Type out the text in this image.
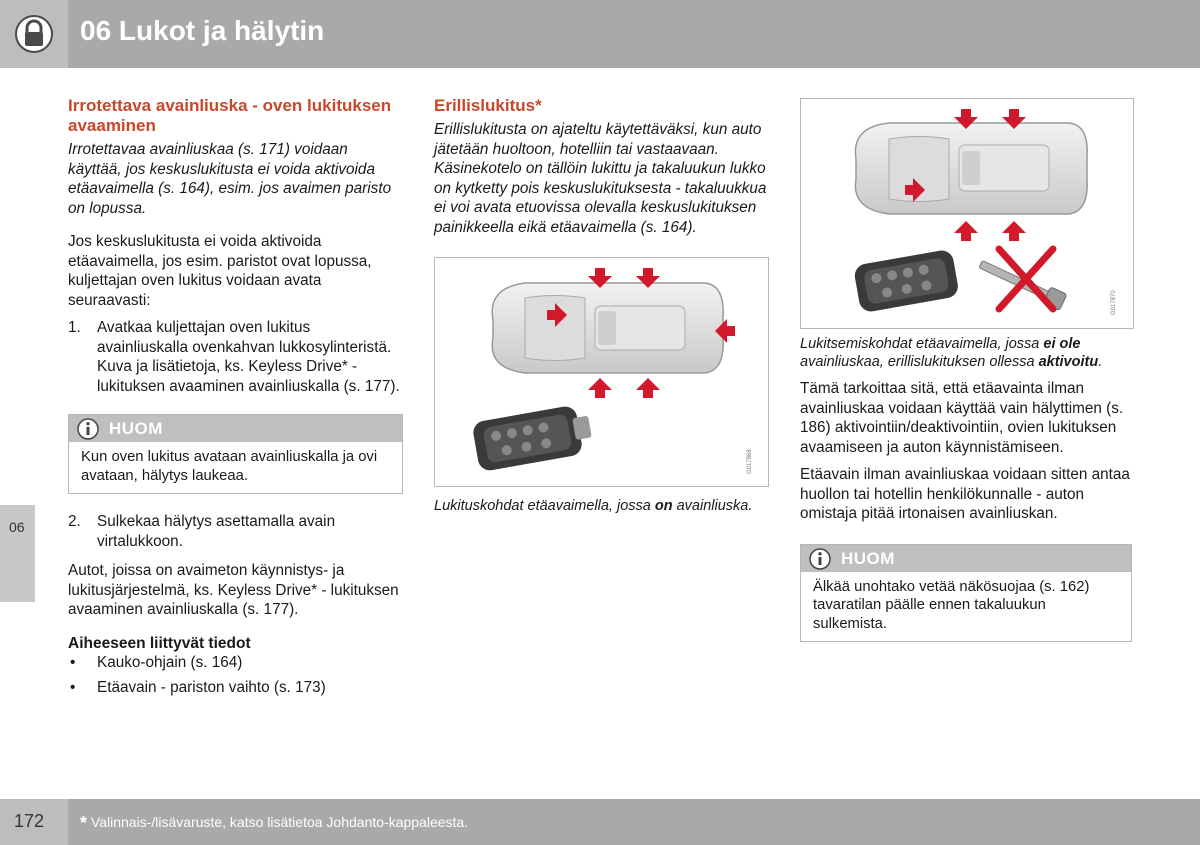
06 Lukot ja hälytin
06
Irrotettava avainliuska - oven lukituksen avaaminen

Irrotettavaa avainliuskaa (s. 171) voidaan käyttää, jos keskuslukitusta ei voida aktivoida etäavaimella (s. 164), esim. jos avaimen paristo on lopussa.

Jos keskuslukitusta ei voida aktivoida etäavaimella, jos esim. paristot ovat lopussa, kuljettajan oven lukitus voidaan avata seuraavasti:

1. Avatkaa kuljettajan oven lukitus avainliuskalla ovenkahvan lukkosylinteristä. Kuva ja lisätietoja, ks. Keyless Drive* - lukituksen avaaminen avainliuskalla (s. 177).
HUOM
Kun oven lukitus avataan avainliuskalla ja ovi avataan, hälytys laukeaa.
2. Sulkekaa hälytys asettamalla avain virtalukkoon.

Autot, joissa on avaimeton käynnistys- ja lukitusjärjestelmä, ks. Keyless Drive* - lukituksen avaaminen avainliuskalla (s. 177).

Aiheeseen liittyvät tiedot
• Kauko-ohjain (s. 164)
• Etäavain - pariston vaihto (s. 173)
Erillislukitus*

Erillislukitusta on ajateltu käytettäväksi, kun auto jätetään huoltoon, hotelliin tai vastaavaan. Käsinekotelo on tällöin lukittu ja takaluukun lukko on kytketty pois keskuslukituksesta - takaluukkua ei voi avata etuovissa olevalla keskuslukituksen painikkeella eikä etäavaimella (s. 164).

G017868

Lukituskohdat etäavaimella, jossa on avainliuska.

G017870

Lukitsemiskohdat etäavaimella, jossa ei ole avainliuskaa, erillislukituksen ollessa aktivoitu.

Tämä tarkoittaa sitä, että etäavainta ilman avainliuskaa voidaan käyttää vain hälyttimen (s. 186) aktivointiin/deaktivointiin, ovien lukituksen avaamiseen ja auton käynnistämiseen.

Etäavain ilman avainliuskaa voidaan sitten antaa huollon tai hotellin henkilökunnalle - auton omistaja pitää irtonaisen avainliuskan.

HUOM
Älkää unohtako vetää näkösuojaa (s. 162) tavaratilan päälle ennen takaluukun sulkemista.
172 * Valinnais-/lisävaruste, katso lisätietoa Johdanto-kappaleesta.
